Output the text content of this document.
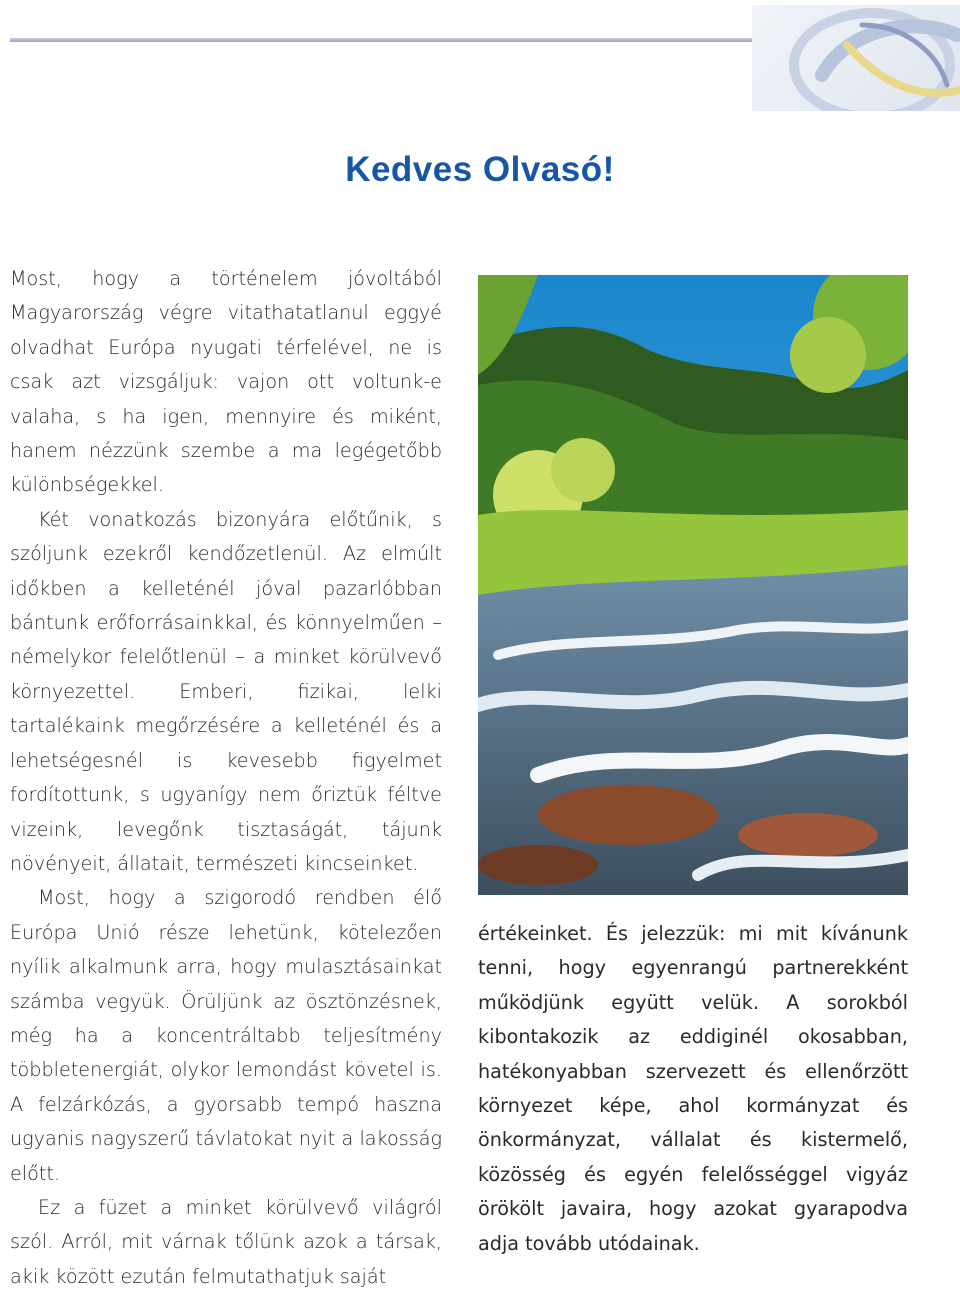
Kedves Olvasó!

Most, hogy a történelem jóvoltából Magyarország végre vitathatatlanul eggyé olvadhat Európa nyugati térfelével, ne is csak azt vizsgáljuk: vajon ott voltunk-e valaha, s ha igen, mennyire és miként, hanem nézzünk szembe a ma legégetőbb különbségekkel.

Két vonatkozás bizonyára előtűnik, s szóljunk ezekről kendőzetlenül. Az elmúlt időkben a kelleténél jóval pazarlóbban bántunk erőforrásainkkal, és könnyelműen – némelykor felelőtlenül – a minket körülvevő környezettel. Emberi, fizikai, lelki tartalékaink megőrzésére a kelleténél és a lehetségesnél is kevesebb figyelmet fordítottunk, s ugyanígy nem őriztük féltve vizeink, levegőnk tisztaságát, tájunk növényeit, állatait, természeti kincseinket.

Most, hogy a szigorodó rendben élő Európa Unió része lehetünk, kötelezően nyílik alkalmunk arra, hogy mulasztásainkat számba vegyük. Örüljünk az ösztönzésnek, még ha a koncentráltabb teljesítmény többletenergiát, olykor lemondást követel is. A felzárkózás, a gyorsabb tempó haszna ugyanis nagyszerű távlatokat nyit a lakosság előtt.

Ez a füzet a minket körülvevő világról szól. Arról, mit várnak tőlünk azok a társak, akik között ezután felmutathatjuk saját

értékeinket. És jelezzük: mi mit kívánunk tenni, hogy egyenrangú partnerekként működjünk együtt velük. A sorokból kibontakozik az eddiginél okosabban, hatékonyabban szervezett és ellenőrzött környezet képe, ahol kormányzat és önkormányzat, vállalat és kistermelő, közösség és egyén felelősséggel vigyáz örökölt javaira, hogy azokat gyarapodva adja tovább utódainak.
